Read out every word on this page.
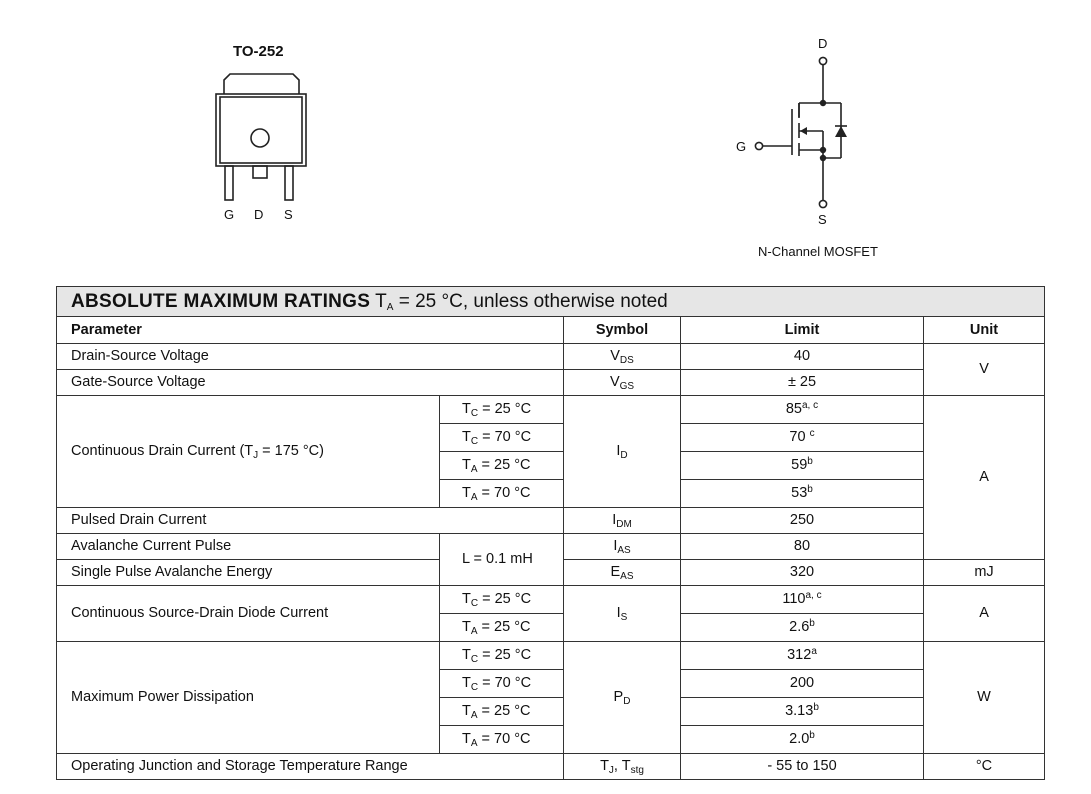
TO-252
G D S
D
G
S
N-Channel MOSFET
ABSOLUTE MAXIMUM RATINGS $T_A = 25$ °C, unless otherwise noted				
Parameter		Symbol	Limit	Unit
Drain-Source Voltage		$V_{DS}$	40	V
Gate-Source Voltage		$V_{GS}$	± 25	
Continuous Drain Current ($T_J = 175$ °C)	$T_C = 25$ °C	$I_D$	85$^{a, c}$	A
	$T_C = 70$ °C		70 $^c$
	$T_A = 25$ °C		59$^b$
	$T_A = 70$ °C		53$^b$
Pulsed Drain Current		$I_{DM}$	250	
Avalanche Current Pulse	L = 0.1 mH	$I_{AS}$	80	
Single Pulse Avalanche Energy		$E_{AS}$	320	mJ
Continuous Source-Drain Diode Current	$T_C = 25$ °C	$I_S$	110$^{a, c}$	A
	$T_A = 25$ °C		2.6$^b$
Maximum Power Dissipation	$T_C = 25$ °C	$P_D$	312$^a$	W
	$T_C = 70$ °C		200	
	$T_A = 25$ °C		3.13$^b$
	$T_A = 70$ °C		2.0$^b$
Operating Junction and Storage Temperature Range		$T_J$, $T_{stg}$	- 55 to 150	°C
